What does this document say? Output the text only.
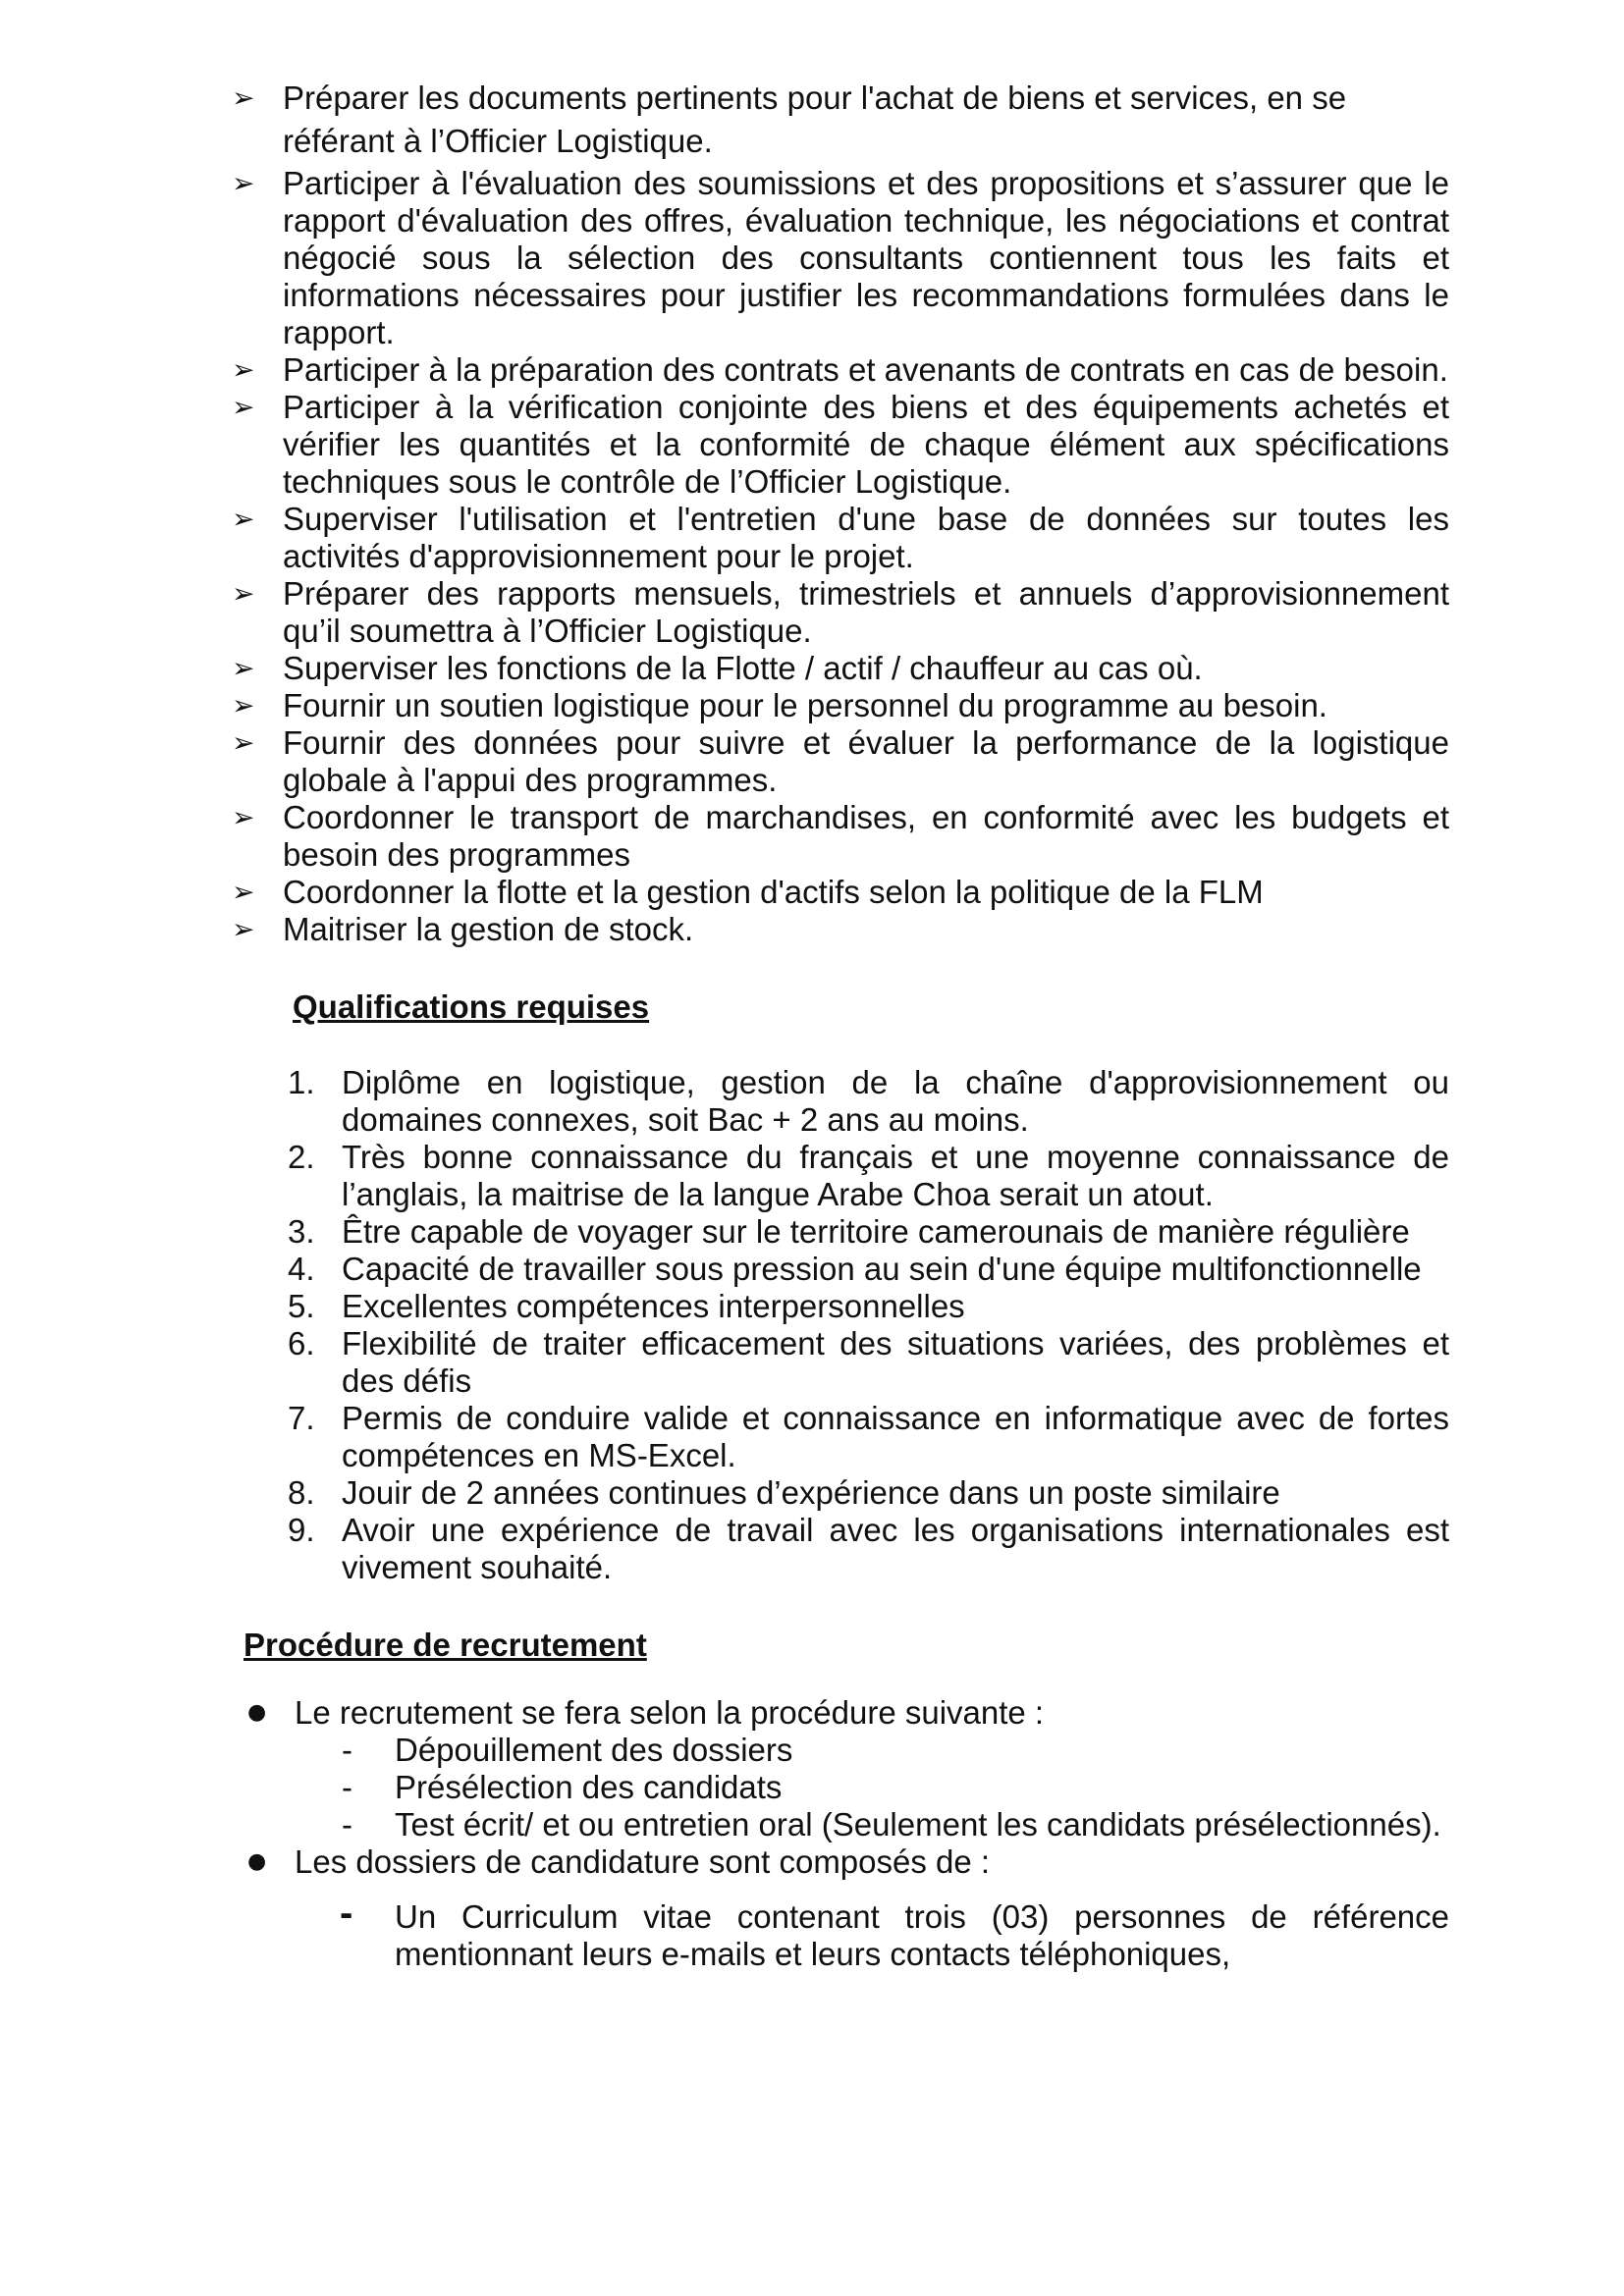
➢ Préparer les documents pertinents pour l'achat de biens et services, en se référant à l’Officier Logistique.
➢ Participer à l'évaluation des soumissions et des propositions et s’assurer que le rapport d'évaluation des offres, évaluation technique, les négociations et contrat négocié sous la sélection des consultants contiennent tous les faits et informations nécessaires pour justifier les recommandations formulées dans le rapport.
➢ Participer à la préparation des contrats et avenants de contrats en cas de besoin.
➢ Participer à la vérification conjointe des biens et des équipements achetés et vérifier les quantités et la conformité de chaque élément aux spécifications techniques sous le contrôle de l’Officier Logistique.
➢ Superviser l'utilisation et l'entretien d'une base de données sur toutes les activités d'approvisionnement pour le projet.
➢ Préparer des rapports mensuels, trimestriels et annuels d’approvisionnement qu’il soumettra à l’Officier Logistique.
➢ Superviser les fonctions de la Flotte / actif / chauffeur au cas où.
➢ Fournir un soutien logistique pour le personnel du programme au besoin.
➢ Fournir des données pour suivre et évaluer la performance de la logistique globale à l'appui des programmes.
➢ Coordonner le transport de marchandises, en conformité avec les budgets et besoin des programmes
➢ Coordonner la flotte et la gestion d'actifs selon la politique de la FLM
➢ Maitriser la gestion de stock.

Qualifications requises

1. Diplôme en logistique, gestion de la chaîne d'approvisionnement ou domaines connexes, soit Bac + 2 ans au moins.
2. Très bonne connaissance du français et une moyenne connaissance de l’anglais, la maitrise de la langue Arabe Choa serait un atout.
3. Être capable de voyager sur le territoire camerounais de manière régulière
4. Capacité de travailler sous pression au sein d'une équipe multifonctionnelle
5. Excellentes compétences interpersonnelles
6. Flexibilité de traiter efficacement des situations variées, des problèmes et des défis
7. Permis de conduire valide et connaissance en informatique avec de fortes compétences en MS-Excel.
8. Jouir de 2 années continues d’expérience dans un poste similaire
9. Avoir une expérience de travail avec les organisations internationales est vivement souhaité.

Procédure de recrutement

● Le recrutement se fera selon la procédure suivante :
- Dépouillement des dossiers
- Présélection des candidats
- Test écrit/ et ou entretien oral (Seulement les candidats présélectionnés).
● Les dossiers de candidature sont composés de :
- Un Curriculum vitae contenant trois (03) personnes de référence mentionnant leurs e-mails et leurs contacts téléphoniques,
